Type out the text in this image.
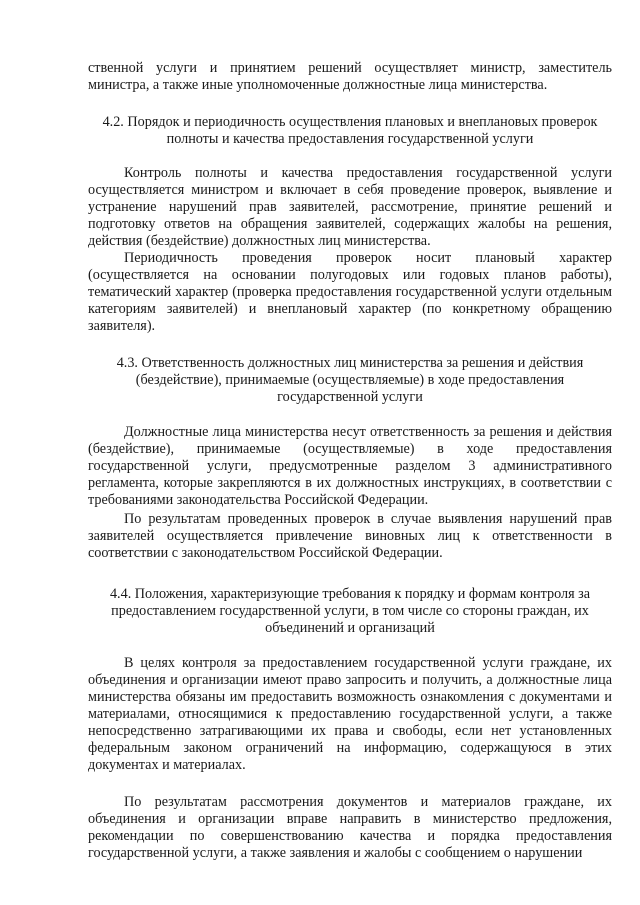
ственной услуги и принятием решений осуществляет министр, заместитель министра, а также иные уполномоченные должностные лица министерства.

4.2. Порядок и периодичность осуществления плановых и внеплановых проверок полноты и качества предоставления государственной услуги

Контроль полноты и качества предоставления государственной услуги осуществляется министром и включает в себя проведение проверок, выявление и устранение нарушений прав заявителей, рассмотрение, принятие решений и подготовку ответов на обращения заявителей, содержащих жалобы на решения, действия (бездействие) должностных лиц министерства.

Периодичность проведения проверок носит плановый характер (осуществляется на основании полугодовых или годовых планов работы), тематический характер (проверка предоставления государственной услуги отдельным категориям заявителей) и внеплановый характер (по конкретному обращению заявителя).

4.3. Ответственность должностных лиц министерства за решения и действия (бездействие), принимаемые (осуществляемые) в ходе предоставления государственной услуги

Должностные лица министерства несут ответственность за решения и действия (бездействие), принимаемые (осуществляемые) в ходе предоставления государственной услуги, предусмотренные разделом 3 административного регламента, которые закрепляются в их должностных инструкциях, в соответствии с требованиями законодательства Российской Федерации.

По результатам проведенных проверок в случае выявления нарушений прав заявителей осуществляется привлечение виновных лиц к ответственности в соответствии с законодательством Российской Федерации.

4.4. Положения, характеризующие требования к порядку и формам контроля за предоставлением государственной услуги, в том числе со стороны граждан, их объединений и организаций

В целях контроля за предоставлением государственной услуги граждане, их объединения и организации имеют право запросить и получить, а должностные лица министерства обязаны им предоставить возможность ознакомления с документами и материалами, относящимися к предоставлению государственной услуги, а также непосредственно затрагивающими их права и свободы, если нет установленных федеральным законом ограничений на информацию, содержащуюся в этих документах и материалах.

По результатам рассмотрения документов и материалов граждане, их объединения и организации вправе направить в министерство предложения, рекомендации по совершенствованию качества и порядка предоставления государственной услуги, а также заявления и жалобы с сообщением о нарушении
